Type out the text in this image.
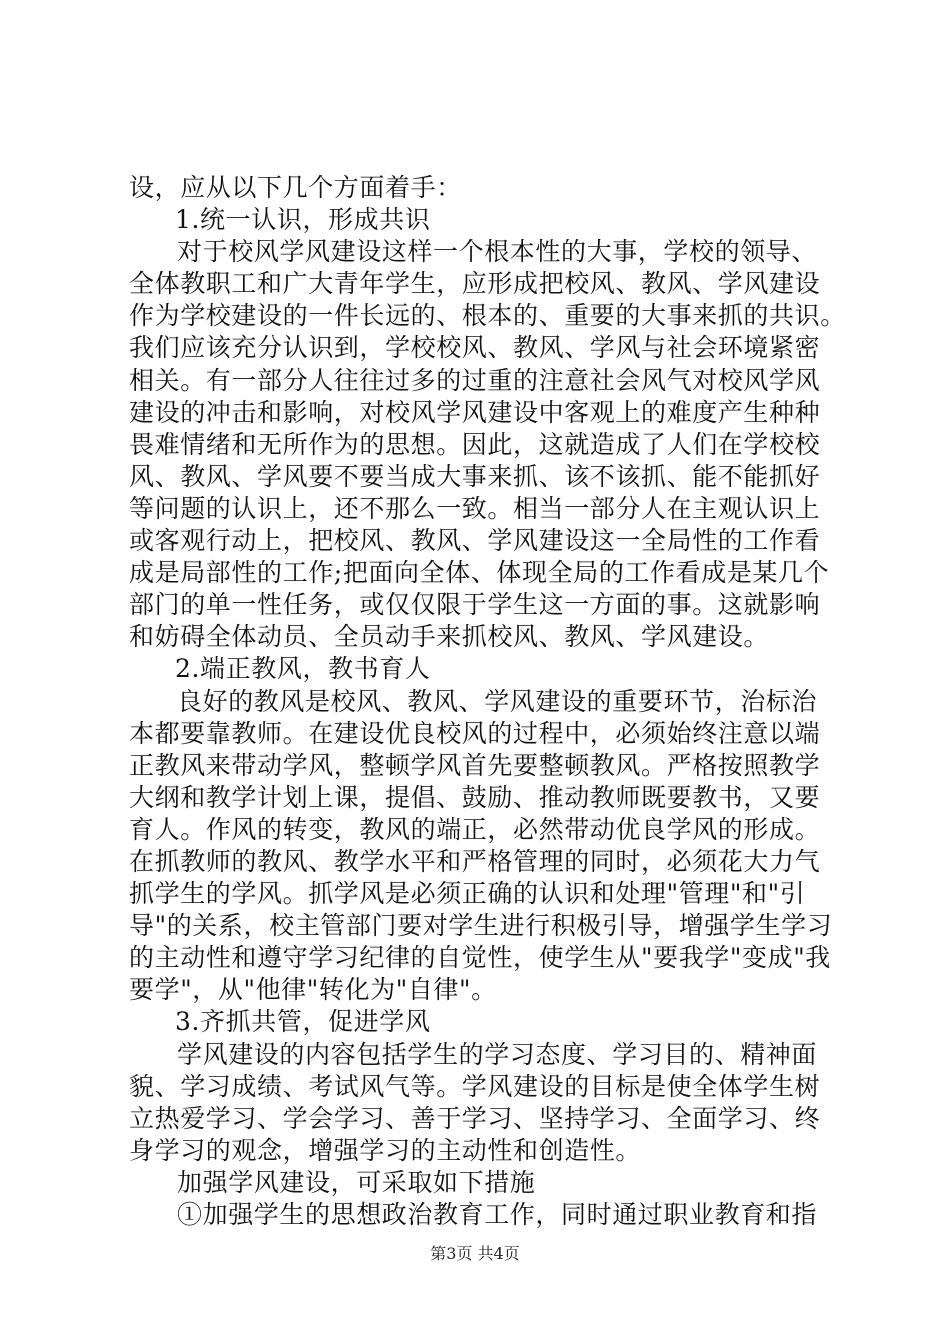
设，应从以下几个方面着手：
1.统一认识，形成共识
对于校风学风建设这样一个根本性的大事，学校的领导、
全体教职工和广大青年学生，应形成把校风、教风、学风建设
作为学校建设的一件长远的、根本的、重要的大事来抓的共识。
我们应该充分认识到，学校校风、教风、学风与社会环境紧密
相关。有一部分人往往过多的过重的注意社会风气对校风学风
建设的冲击和影响，对校风学风建设中客观上的难度产生种种
畏难情绪和无所作为的思想。因此，这就造成了人们在学校校
风、教风、学风要不要当成大事来抓、该不该抓、能不能抓好
等问题的认识上，还不那么一致。相当一部分人在主观认识上
或客观行动上，把校风、教风、学风建设这一全局性的工作看
成是局部性的工作;把面向全体、体现全局的工作看成是某几个
部门的单一性任务，或仅仅限于学生这一方面的事。这就影响
和妨碍全体动员、全员动手来抓校风、教风、学风建设。
2.端正教风，教书育人
良好的教风是校风、教风、学风建设的重要环节，治标治
本都要靠教师。在建设优良校风的过程中，必须始终注意以端
正教风来带动学风，整顿学风首先要整顿教风。严格按照教学
大纲和教学计划上课，提倡、鼓励、推动教师既要教书，又要
育人。作风的转变，教风的端正，必然带动优良学风的形成。
在抓教师的教风、教学水平和严格管理的同时，必须花大力气
抓学生的学风。抓学风是必须正确的认识和处理"管理"和"引
导"的关系，校主管部门要对学生进行积极引导，增强学生学习
的主动性和遵守学习纪律的自觉性，使学生从"要我学"变成"我
要学"，从"他律"转化为"自律"。
3.齐抓共管，促进学风
学风建设的内容包括学生的学习态度、学习目的、精神面
貌、学习成绩、考试风气等。学风建设的目标是使全体学生树
立热爱学习、学会学习、善于学习、坚持学习、全面学习、终
身学习的观念，增强学习的主动性和创造性。
加强学风建设，可采取如下措施
①加强学生的思想政治教育工作，同时通过职业教育和指
第3页 共4页
